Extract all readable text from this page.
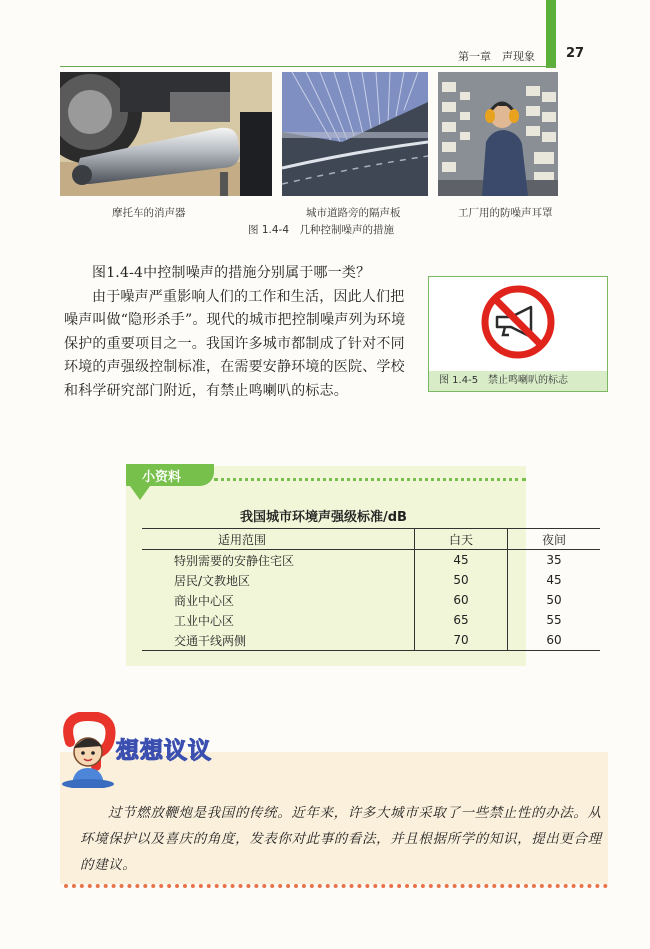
第一章　声现象 27
摩托车的消声器	城市道路旁的隔声板	工厂用的防噪声耳罩
图 1.4-4　几种控制噪声的措施

图1.4-4中控制噪声的措施分别属于哪一类？

由于噪声严重影响人们的工作和生活，因此人们把噪声叫做“隐形杀手”。现代的城市把控制噪声列为环境保护的重要项目之一。我国许多城市都制成了针对不同环境的声强级控制标准，在需要安静环境的医院、学校和科学研究部门附近，有禁止鸣喇叭的标志。

图 1.4-5　禁止鸣喇叭的标志
小资料
我国城市环境声强级标准/dB
适用范围	白天	夜间
特别需要的安静住宅区	45	35
居民/文教地区	50	45
商业中心区	60	50
工业中心区	65	55
交通干线两侧	70	60
想想议议
过节燃放鞭炮是我国的传统。近年来，许多大城市采取了一些禁止性的办法。从环境保护以及喜庆的角度，发表你对此事的看法，并且根据所学的知识，提出更合理的建议。
